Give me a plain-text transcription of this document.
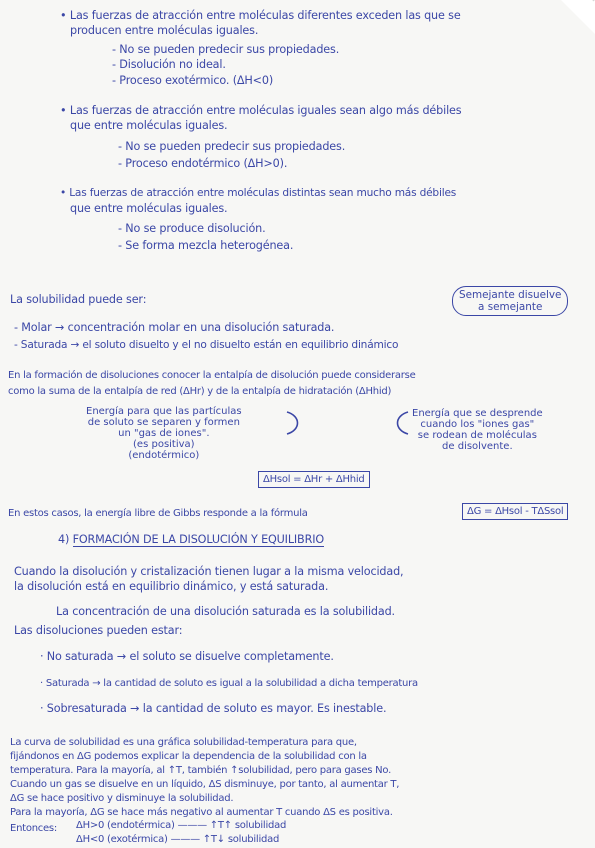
• Las fuerzas de atracción entre moléculas diferentes exceden las que se
producen entre moléculas iguales.
- No se pueden predecir sus propiedades.
- Disolución no ideal.
- Proceso exotérmico. (ΔH<0)
• Las fuerzas de atracción entre moléculas iguales sean algo más débiles
que entre moléculas iguales.
- No se pueden predecir sus propiedades.
- Proceso endotérmico (ΔH>0).
• Las fuerzas de atracción entre moléculas distintas sean mucho más débiles
que entre moléculas iguales.
- No se produce disolución.
- Se forma mezcla heterogénea.
Semejante disuelve
a semejante
La solubilidad puede ser:
- Molar → concentración molar en una disolución saturada.
- Saturada → el soluto disuelto y el no disuelto están en equilibrio dinámico
En la formación de disoluciones conocer la entalpía de disolución puede considerarse
como la suma de la entalpía de red (ΔHr) y de la entalpía de hidratación (ΔHhid)
Energía para que las partículas
de soluto se separen y formen
un "gas de iones".
(es positiva)
(endotérmico)
Energía que se desprende
cuando los "iones gas"
se rodean de moléculas
de disolvente.
ΔHsol = ΔHr + ΔHhid
En estos casos, la energía libre de Gibbs responde a la fórmula	ΔG = ΔHsol - TΔSsol
4) FORMACIÓN DE LA DISOLUCIÓN Y EQUILIBRIO
Cuando la disolución y cristalización tienen lugar a la misma velocidad,
la disolución está en equilibrio dinámico, y está saturada.
La concentración de una disolución saturada es la solubilidad.
Las disoluciones pueden estar:
· No saturada → el soluto se disuelve completamente.
· Saturada → la cantidad de soluto es igual a la solubilidad a dicha temperatura
· Sobresaturada → la cantidad de soluto es mayor. Es inestable.
La curva de solubilidad es una gráfica solubilidad-temperatura para que,
fijándonos en ΔG podemos explicar la dependencia de la solubilidad con la
temperatura. Para la mayoría, al ↑T, también ↑solubilidad, pero para gases No.
Cuando un gas se disuelve en un líquido, ΔS disminuye, por tanto, al aumentar T,
ΔG se hace positivo y disminuye la solubilidad.
Para la mayoría, ΔG se hace más negativo al aumentar T cuando ΔS es positiva.
Entonces: ΔH>0 (endotérmica) ——— ↑T↑ solubilidad
ΔH<0 (exotérmica) ——— ↑T↓ solubilidad
